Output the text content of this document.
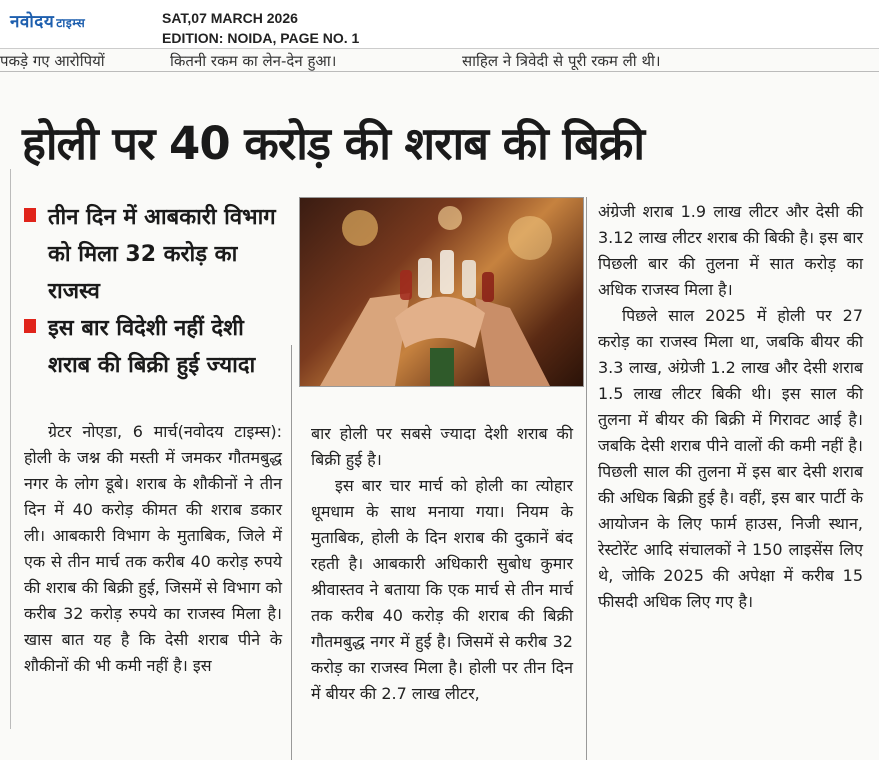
नवोदय टाइम्स	SAT,07 MARCH 2026
EDITION: NOIDA, PAGE NO. 1
पकड़े गए आरोपियों	कितनी रकम का लेन-देन हुआ।	साहिल ने त्रिवेदी से पूरी रकम ली थी।
होली पर 40 करोड़ की शराब की बिक्री
तीन दिन में आबकारी विभाग को मिला 32 करोड़ का राजस्व
इस बार विदेशी नहीं देशी शराब की बिक्री हुई ज्यादा
ग्रेटर नोएडा, 6 मार्च(नवोदय टाइम्स): होली के जश्न की मस्ती में जमकर गौतमबुद्ध नगर के लोग डूबे। शराब के शौकीनों ने तीन दिन में 40 करोड़ कीमत की शराब डकार ली। आबकारी विभाग के मुताबिक, जिले में एक से तीन मार्च तक करीब 40 करोड़ रुपये की शराब की बिक्री हुई, जिसमें से विभाग को करीब 32 करोड़ रुपये का राजस्व मिला है। खास बात यह है कि देसी शराब पीने के शौकीनों की भी कमी नहीं है। इस

बार होली पर सबसे ज्यादा देशी शराब की बिक्री हुई है।

इस बार चार मार्च को होली का त्योहार धूमधाम के साथ मनाया गया। नियम के मुताबिक, होली के दिन शराब की दुकानें बंद रहती है। आबकारी अधिकारी सुबोध कुमार श्रीवास्तव ने बताया कि एक मार्च से तीन मार्च तक करीब 40 करोड़ की शराब की बिक्री गौतमबुद्ध नगर में हुई है। जिसमें से करीब 32 करोड़ का राजस्व मिला है। होली पर तीन दिन में बीयर की 2.7 लाख लीटर,

अंग्रेजी शराब 1.9 लाख लीटर और देसी की 3.12 लाख लीटर शराब की बिकी है। इस बार पिछली बार की तुलना में सात करोड़ का अधिक राजस्व मिला है।

पिछले साल 2025 में होली पर 27 करोड़ का राजस्व मिला था, जबकि बीयर की 3.3 लाख, अंग्रेजी 1.2 लाख और देसी शराब 1.5 लाख लीटर बिकी थी। इस साल की तुलना में बीयर की बिक्री में गिरावट आई है। जबकि देसी शराब पीने वालों की कमी नहीं है। पिछली साल की तुलना में इस बार देसी शराब की अधिक बिक्री हुई है। वहीं, इस बार पार्टी के आयोजन के लिए फार्म हाउस, निजी स्थान, रेस्टोरेंट आदि संचालकों ने 150 लाइसेंस लिए थे, जोकि 2025 की अपेक्षा में करीब 15 फीसदी अधिक लिए गए है।
